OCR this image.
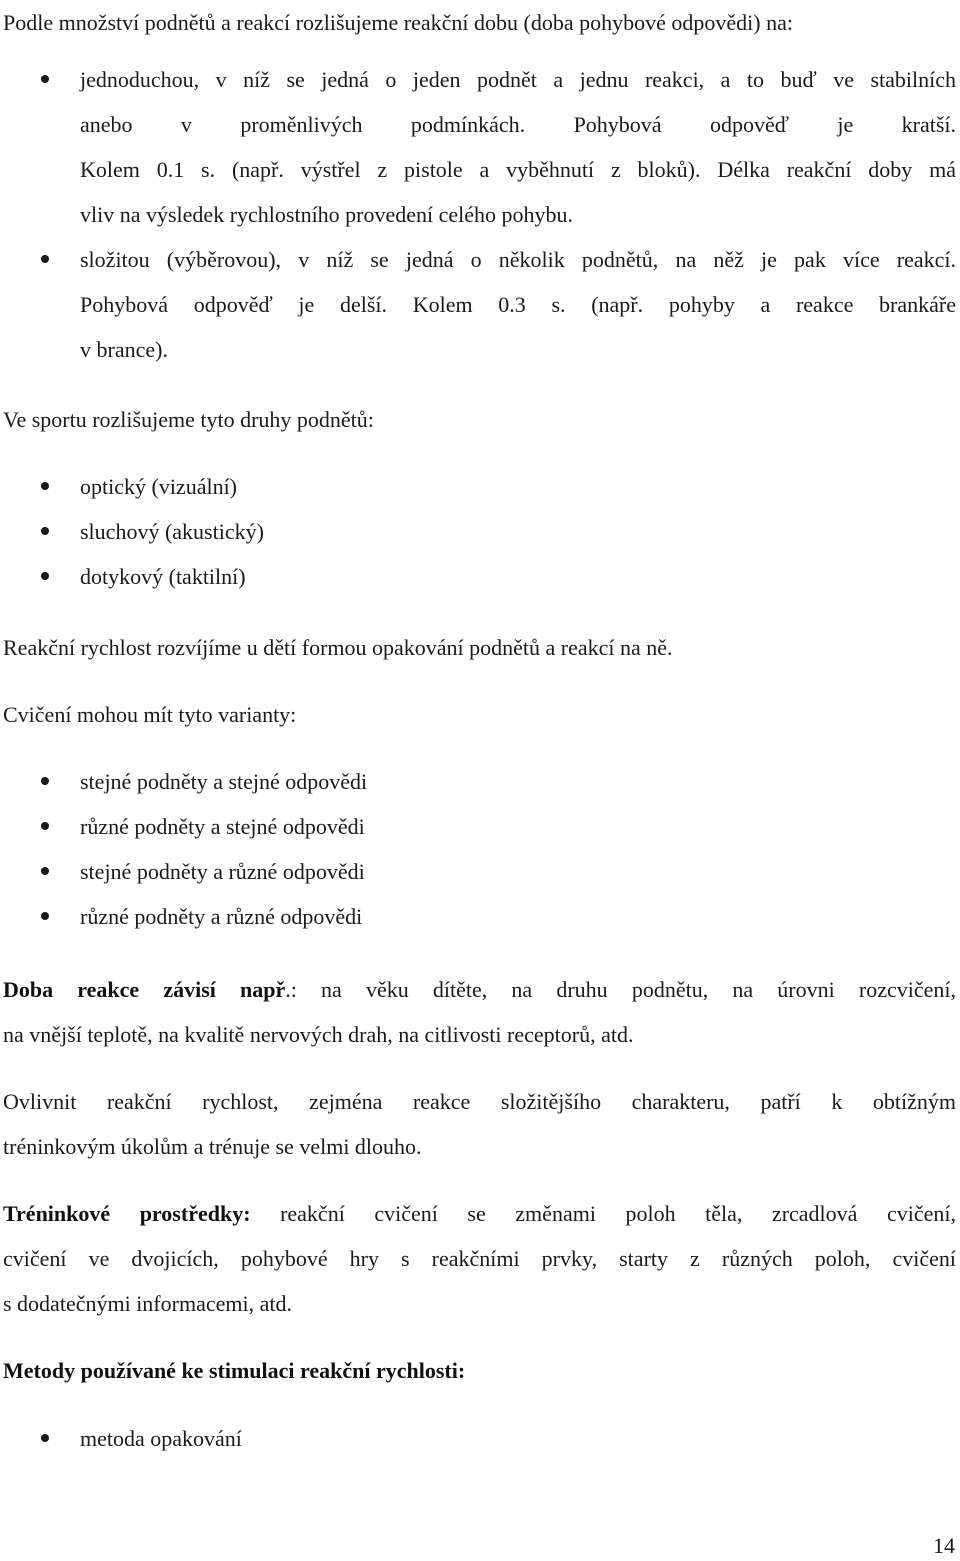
Podle množství podnětů a reakcí rozlišujeme reakční dobu (doba pohybové odpovědi) na:

jednoduchou, v níž se jedná o jeden podnět a jednu reakci, a to buď ve stabilních

anebo v proměnlivých podmínkách. Pohybová odpověď je kratší.

Kolem 0.1 s. (např. výstřel z pistole a vyběhnutí z bloků). Délka reakční doby má

vliv na výsledek rychlostního provedení celého pohybu.

složitou (výběrovou), v níž se jedná o několik podnětů, na něž je pak více reakcí.

Pohybová odpověď je delší. Kolem 0.3 s. (např. pohyby a reakce brankáře

v brance).

Ve sportu rozlišujeme tyto druhy podnětů:

optický (vizuální)

sluchový (akustický)

dotykový (taktilní)

Reakční rychlost rozvíjíme u dětí formou opakování podnětů a reakcí na ně.

Cvičení mohou mít tyto varianty:

stejné podněty a stejné odpovědi

různé podněty a stejné odpovědi

stejné podněty a různé odpovědi

různé podněty a různé odpovědi

Doba reakce závisí např.: na věku dítěte, na druhu podnětu, na úrovni rozcvičení,

na vnější teplotě, na kvalitě nervových drah, na citlivosti receptorů, atd.

Ovlivnit reakční rychlost, zejména reakce složitějšího charakteru, patří k obtížným

tréninkovým úkolům a trénuje se velmi dlouho.

Tréninkové prostředky: reakční cvičení se změnami poloh těla, zrcadlová cvičení,

cvičení ve dvojicích, pohybové hry s reakčními prvky, starty z různých poloh, cvičení

s dodatečnými informacemi, atd.

Metody používané ke stimulaci reakční rychlosti:

metoda opakování

14
